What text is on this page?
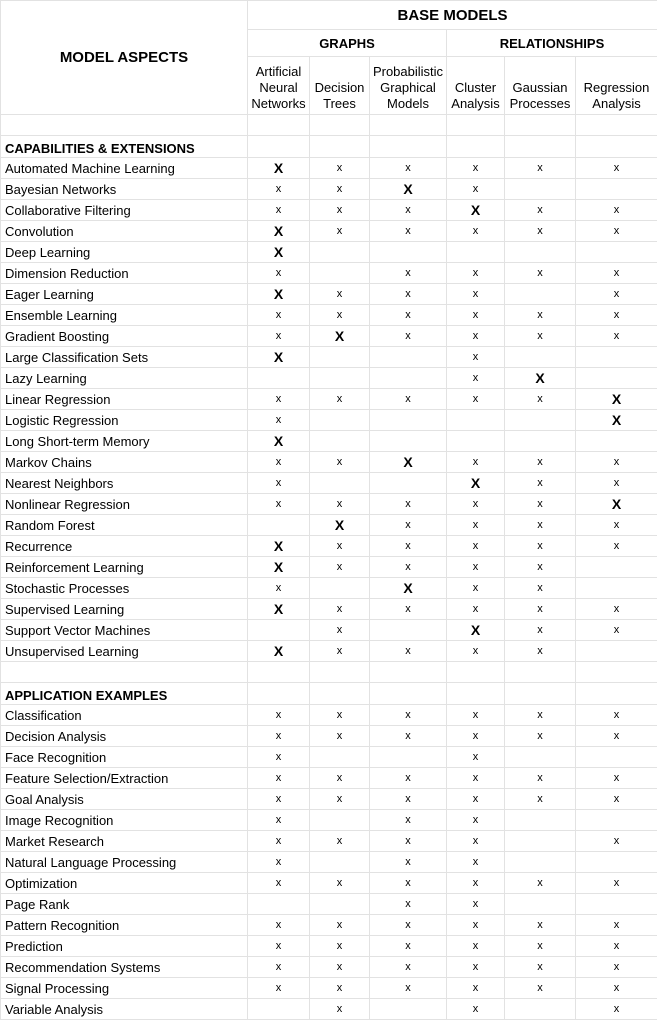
MODEL ASPECTS	BASE MODELS					
	GRAPHS			RELATIONSHIPS		
	Artificial
Neural
Networks	Decision
Trees	Probabilistic
Graphical
Models	Cluster
Analysis	Gaussian
Processes	Regression
Analysis

CAPABILITIES & EXTENSIONS						
Automated Machine Learning	X	x	x	x	x	x
Bayesian Networks	x	x	X	x		
Collaborative Filtering	x	x	x	X	x	x
Convolution	X	x	x	x	x	x
Deep Learning	X					
Dimension Reduction	x		x	x	x	x
Eager Learning	X	x	x	x		x
Ensemble Learning	x	x	x	x	x	x
Gradient Boosting	x	X	x	x	x	x
Large Classification Sets	X			x		
Lazy Learning				x	X	
Linear Regression	x	x	x	x	x	X
Logistic Regression	x					X
Long Short-term Memory	X					
Markov Chains	x	x	X	x	x	x
Nearest Neighbors	x			X	x	x
Nonlinear Regression	x	x	x	x	x	X
Random Forest		X	x	x	x	x
Recurrence	X	x	x	x	x	x
Reinforcement Learning	X	x	x	x	x	
Stochastic Processes	x		X	x	x	
Supervised Learning	X	x	x	x	x	x
Support Vector Machines		x		X	x	x
Unsupervised Learning	X	x	x	x	x	

APPLICATION EXAMPLES						
Classification	x	x	x	x	x	x
Decision Analysis	x	x	x	x	x	x
Face Recognition	x			x		
Feature Selection/Extraction	x	x	x	x	x	x
Goal Analysis	x	x	x	x	x	x
Image Recognition	x		x	x		
Market Research	x	x	x	x		x
Natural Language Processing	x		x	x		
Optimization	x	x	x	x	x	x
Page Rank			x	x		
Pattern Recognition	x	x	x	x	x	x
Prediction	x	x	x	x	x	x
Recommendation Systems	x	x	x	x	x	x
Signal Processing	x	x	x	x	x	x
Variable Analysis		x		x		x
